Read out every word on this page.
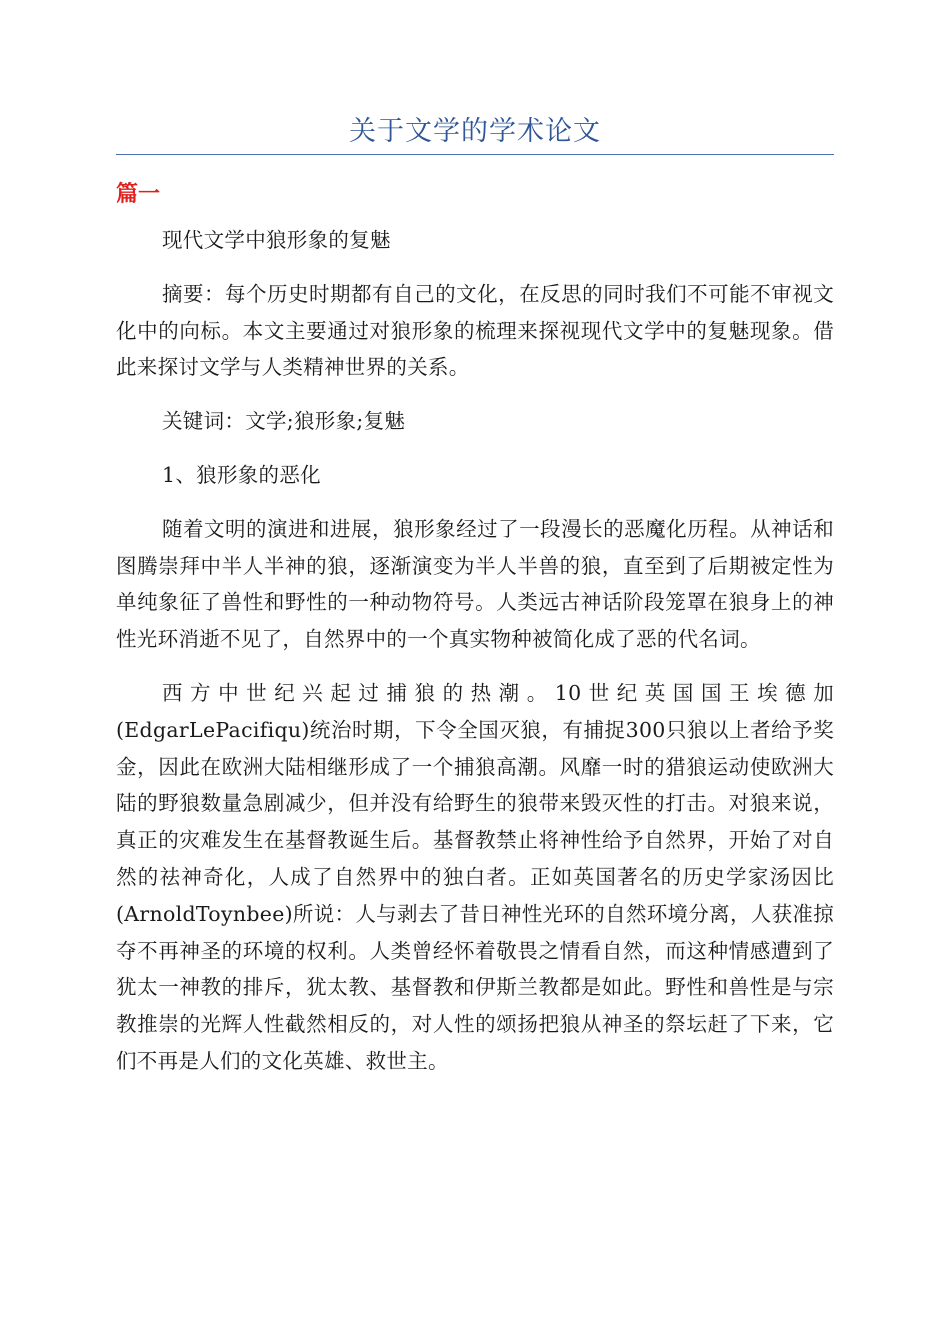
关于文学的学术论文
篇一

现代文学中狼形象的复魅

摘要：每个历史时期都有自己的文化，在反思的同时我们不可能不审视文化中的向标。本文主要通过对狼形象的梳理来探视现代文学中的复魅现象。借此来探讨文学与人类精神世界的关系。

关键词：文学;狼形象;复魅

1、狼形象的恶化

随着文明的演进和进展，狼形象经过了一段漫长的恶魔化历程。从神话和图腾崇拜中半人半神的狼，逐渐演变为半人半兽的狼，直至到了后期被定性为单纯象征了兽性和野性的一种动物符号。人类远古神话阶段笼罩在狼身上的神性光环消逝不见了，自然界中的一个真实物种被简化成了恶的代名词。

西方中世纪兴起过捕狼的热潮。10世纪英国国王埃德加(EdgarLePacifiqu)统治时期，下令全国灭狼，有捕捉300只狼以上者给予奖金，因此在欧洲大陆相继形成了一个捕狼高潮。风靡一时的猎狼运动使欧洲大陆的野狼数量急剧减少，但并没有给野生的狼带来毁灭性的打击。对狼来说，真正的灾难发生在基督教诞生后。基督教禁止将神性给予自然界，开始了对自然的祛神奇化，人成了自然界中的独白者。正如英国著名的历史学家汤因比(ArnoldToynbee)所说：人与剥去了昔日神性光环的自然环境分离，人获准掠夺不再神圣的环境的权利。人类曾经怀着敬畏之情看自然，而这种情感遭到了犹太一神教的排斥，犹太教、基督教和伊斯兰教都是如此。野性和兽性是与宗教推崇的光辉人性截然相反的，对人性的颂扬把狼从神圣的祭坛赶了下来，它们不再是人们的文化英雄、救世主。
